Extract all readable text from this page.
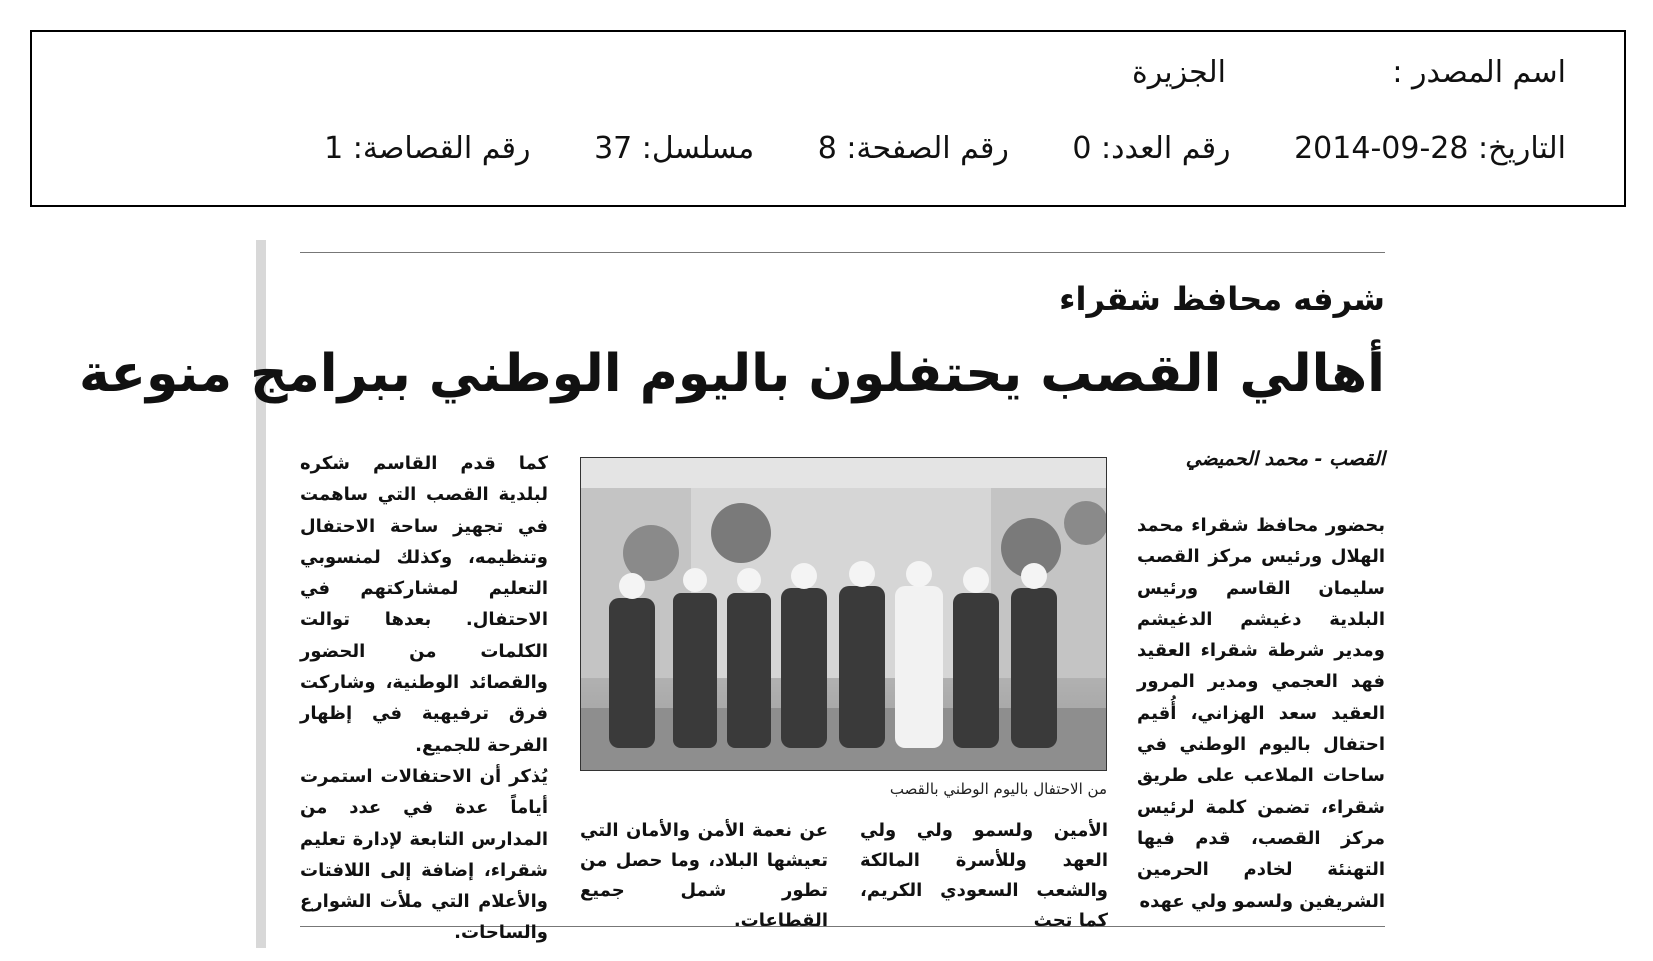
اسم المصدر :
الجزيرة
التاريخ: 28-09-2014 رقم العدد: 0 رقم الصفحة: 8 مسلسل: 37 رقم القصاصة: 1
شرفه محافظ شقراء
أهالي القصب يحتفلون باليوم الوطني ببرامج منوعة
القصب - محمد الحميضي

بحضور محافظ شقراء محمد الهلال ورئيس مركز القصب سليمان القاسم ورئيس البلدية دغيشم الدغيشم ومدير شرطة شقراء العقيد فهد العجمي ومدير المرور العقيد سعد الهزاني، أُقيم احتفال باليوم الوطني في ساحات الملاعب على طريق شقراء، تضمن كلمة لرئيس مركز القصب، قدم فيها التهنئة لخادم الحرمين الشريفين ولسمو ولي عهده

من الاحتفال باليوم الوطني بالقصب

الأمين ولسمو ولي ولي العهد وللأسرة المالكة والشعب السعودي الكريم، كما تحث

عن نعمة الأمن والأمان التي تعيشها البلاد، وما حصل من تطور شمل جميع القطاعات.

كما قدم القاسم شكره لبلدية القصب التي ساهمت في تجهيز ساحة الاحتفال وتنظيمه، وكذلك لمنسوبي التعليم لمشاركتهم في الاحتفال. بعدها توالت الكلمات من الحضور والقصائد الوطنية، وشاركت فرق ترفيهية في إظهار الفرحة للجميع.

يُذكر أن الاحتفالات استمرت أياماً عدة في عدد من المدارس التابعة لإدارة تعليم شقراء، إضافة إلى اللافتات والأعلام التي ملأت الشوارع والساحات.
